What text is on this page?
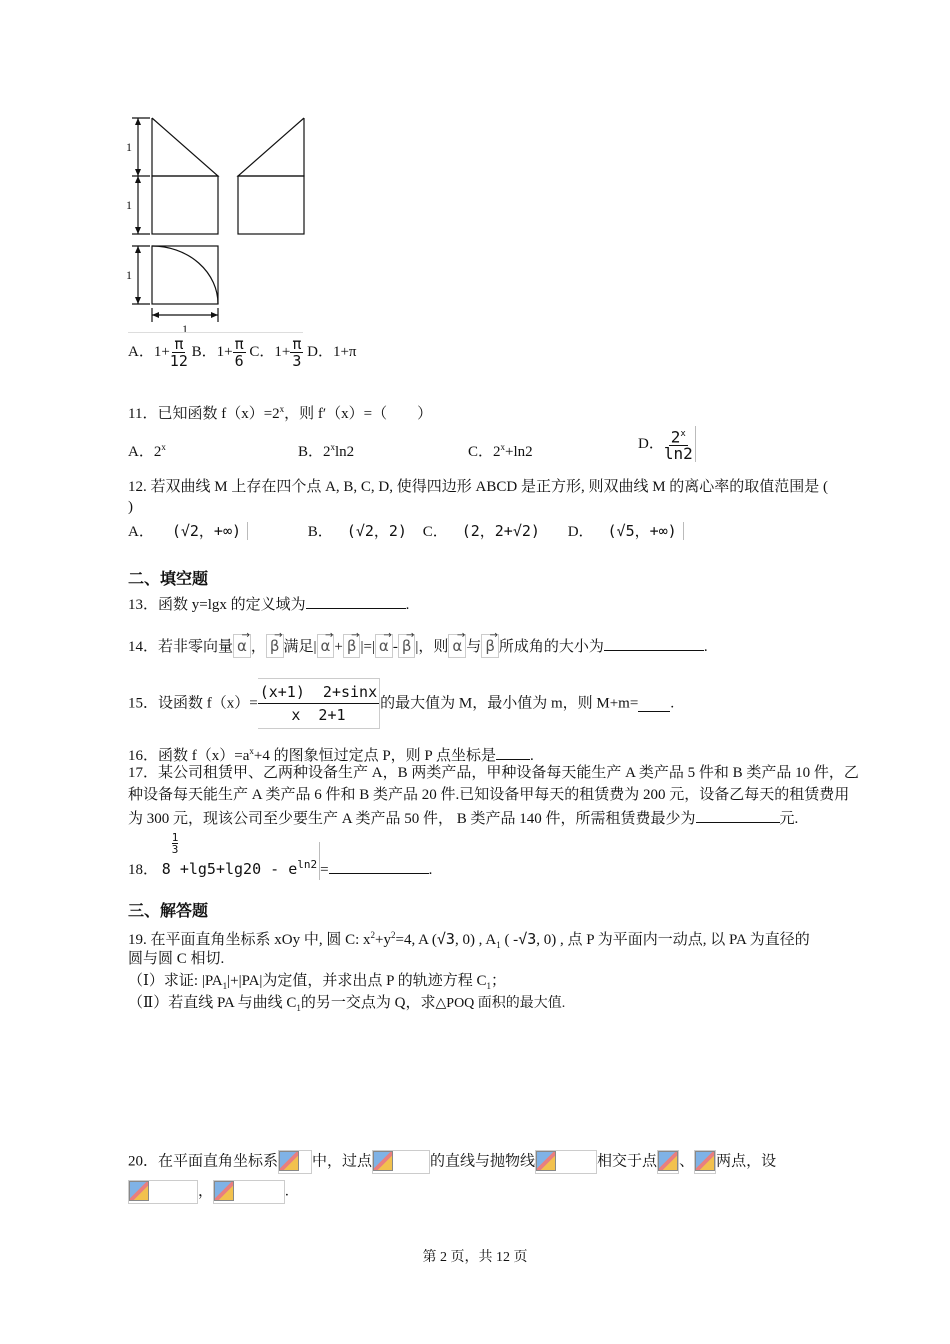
1
1
1
1
A．$1+ \frac{\pi}{12}$ B．$1+ \frac{\pi}{6}$ C．$1+ \frac{\pi}{3}$ D．1+π
11．已知函数 $f(x)=2^x$，则 f′（x）=（　　）
A．2$^x$	B．2$^x$ln2	C．$2^x+\ln 2$	D． $\frac{2^x}{\ln 2}$
12. 若双曲线 M 上存在四个点 A, B, C, D, 使得四边形 ABCD 是正方形, 则双曲线 M 的离心率的取值范围是 (
)
A． (√2，+∞)	B． (√2，2) C． (2，2+√2) D． (√5，+∞)
二、填空题
13．函数 y=lgx 的定义域为	.
14．若非零向量 → α ， → β 满足| → α + → β |=| → α - → β |，则 → α 与 → β 所成角的大小为	.
15．设函数 $f(x)= \frac{(x+1) 2+\sin x}{x 2+1}$ 的最大值为 M，最小值为 m，则 M+m= .
16．函数 $f(x)=a^x+4$ 的图象恒过定点 P，则 P 点坐标是 .
17．某公司租赁甲、乙两种设备生产 A，B 两类产品，甲种设备每天能生产 A 类产品 5 件和 B 类产品 10 件，乙
种设备每天能生产 A 类产品 6 件和 B 类产品 20 件.已知设备甲每天的租赁费为 200 元，设备乙每天的租赁费用
为 300 元，现该公司至少要生产 A 类产品 50 件， B 类产品 140 件，所需租赁费最少为	元.
18．
1
3
$8 +\lg 5+\lg 20 - e^{ln2}$ =	.
三、解答题
19. 在平面直角坐标系 xOy 中, 圆 C: $x^2+y^2=4$, A (√3, 0) , $A_1$ ( -√3, 0) , 点 P 为平面内一动点, 以 PA 为直径的
圆与圆 C 相切.
（Ⅰ）求证: $|PA_1|+|PA|$为定值，并求出点 P 的轨迹方程 $C_1$；
（Ⅱ）若直线 PA 与曲线 $C_1$的另一交点为 Q，求△POQ 面积的最大值.
20．在平面直角坐标系 中，过点	的直线与抛物线	相交于点 、 两点，设
，	.
第 2 页，共 12 页
